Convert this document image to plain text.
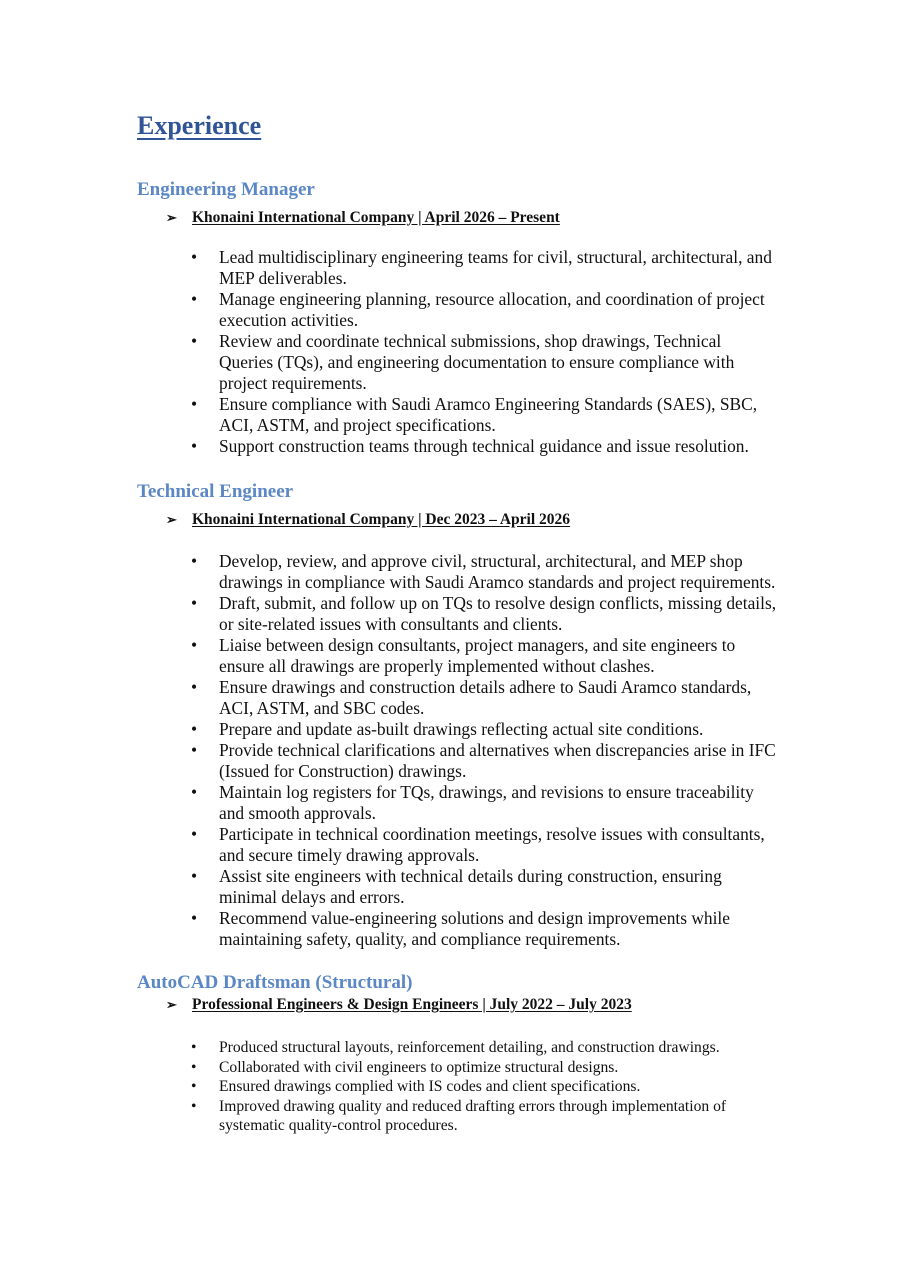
Experience
Engineering Manager
➢ Khonaini International Company | April 2026 – Present
• Lead multidisciplinary engineering teams for civil, structural, architectural, and MEP deliverables.
• Manage engineering planning, resource allocation, and coordination of project execution activities.
• Review and coordinate technical submissions, shop drawings, Technical Queries (TQs), and engineering documentation to ensure compliance with project requirements.
• Ensure compliance with Saudi Aramco Engineering Standards (SAES), SBC, ACI, ASTM, and project specifications.
• Support construction teams through technical guidance and issue resolution.
Technical Engineer
➢ Khonaini International Company | Dec 2023 – April 2026
• Develop, review, and approve civil, structural, architectural, and MEP shop drawings in compliance with Saudi Aramco standards and project requirements.
• Draft, submit, and follow up on TQs to resolve design conflicts, missing details, or site-related issues with consultants and clients.
• Liaise between design consultants, project managers, and site engineers to ensure all drawings are properly implemented without clashes.
• Ensure drawings and construction details adhere to Saudi Aramco standards, ACI, ASTM, and SBC codes.
• Prepare and update as-built drawings reflecting actual site conditions.
• Provide technical clarifications and alternatives when discrepancies arise in IFC (Issued for Construction) drawings.
• Maintain log registers for TQs, drawings, and revisions to ensure traceability and smooth approvals.
• Participate in technical coordination meetings, resolve issues with consultants, and secure timely drawing approvals.
• Assist site engineers with technical details during construction, ensuring minimal delays and errors.
• Recommend value-engineering solutions and design improvements while maintaining safety, quality, and compliance requirements.
AutoCAD Draftsman (Structural)
➢ Professional Engineers & Design Engineers | July 2022 – July 2023
• Produced structural layouts, reinforcement detailing, and construction drawings.
• Collaborated with civil engineers to optimize structural designs.
• Ensured drawings complied with IS codes and client specifications.
• Improved drawing quality and reduced drafting errors through implementation of systematic quality-control procedures.
